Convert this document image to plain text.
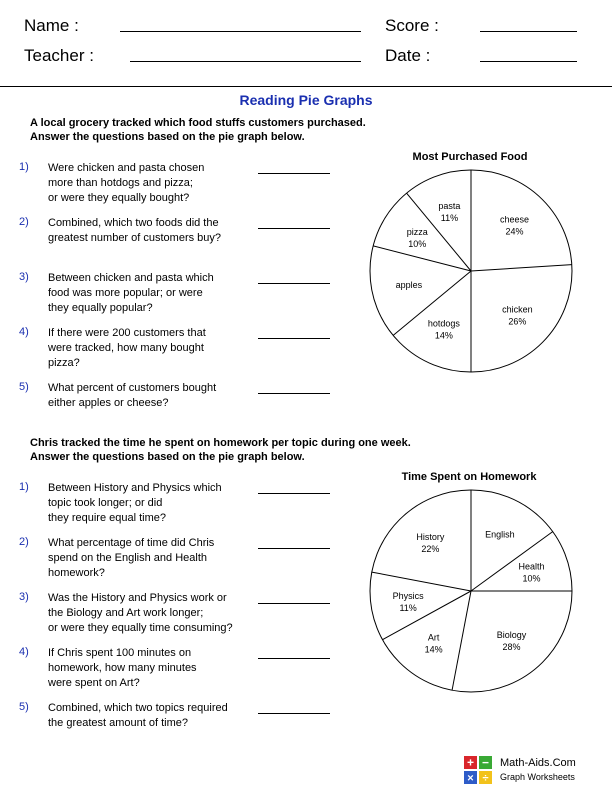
Name :	Score :
Teacher :	Date :
Reading Pie Graphs
A local grocery tracked which food stuffs customers purchased.
Answer the questions based on the pie graph below.
1) Were chicken and pasta chosen
more than hotdogs and pizza;
or were they equally bought?
2) Combined, which two foods did the
greatest number of customers buy?
3) Between chicken and pasta which
food was more popular; or were
they equally popular?
4) If there were 200 customers that
were tracked, how many bought
pizza?
5) What percent of customers bought
either apples or cheese?
Most Purchased Food
cheese
24%
chicken
26%
hotdogs
14%
apples
pizza
10%
pasta
11%
Chris tracked the time he spent on homework per topic during one week.
Answer the questions based on the pie graph below.
1) Between History and Physics which
topic took longer; or did
they require equal time?
2) What percentage of time did Chris
spend on the English and Health
homework?
3) Was the History and Physics work or
the Biology and Art work longer;
or were they equally time consuming?
4) If Chris spent 100 minutes on
homework, how many minutes
were spent on Art?
5) Combined, which two topics required
the greatest amount of time?
Time Spent on Homework
English
Health
10%
Biology
28%
Art
14%
Physics
11%
History
22%
+ −
× ÷
Math-Aids.Com
Graph Worksheets
